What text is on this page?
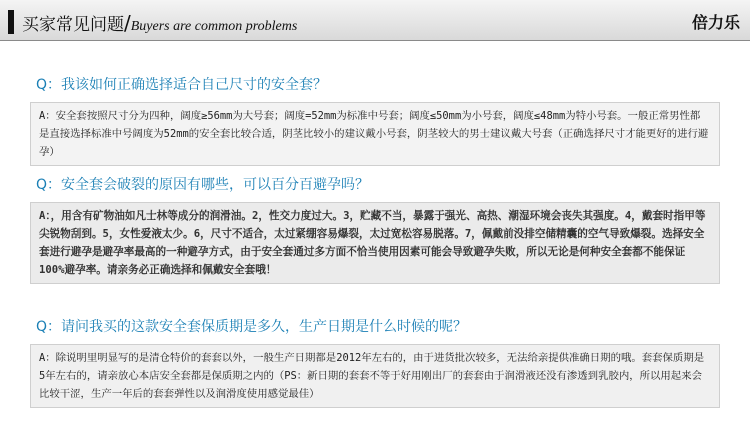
买家常见问题/Buyers are common problems	倍力乐
Q：我该如何正确选择适合自己尺寸的安全套？
A：安全套按照尺寸分为四种，阔度≥56mm为大号套；阔度=52mm为标准中号套；阔度≤50mm为小号套，阔度≤48mm为特小号套。一般正常男性都是直接选择标准中号阔度为52mm的安全套比较合适，阴茎比较小的建议戴小号套，阴茎较大的男士建议戴大号套（正确选择尺寸才能更好的进行避孕）
Q：安全套会破裂的原因有哪些，可以百分百避孕吗？
A：，用含有矿物油如凡士林等成分的润滑油。2，性交力度过大。3，贮藏不当，暴露于强光、高热、潮湿环境会丧失其强度。4，戴套时指甲等尖锐物刮到。5，女性爱液太少。6，尺寸不适合，太过紧绷容易爆裂，太过宽松容易脱落。7，佩戴前没排空储精囊的空气导致爆裂。选择安全套进行避孕是避孕率最高的一种避孕方式，由于安全套通过多方面不恰当使用因素可能会导致避孕失败，所以无论是何种安全套都不能保证100%避孕率。请亲务必正确选择和佩戴安全套哦！
Q：请问我买的这款安全套保质期是多久，生产日期是什么时候的呢？
A：除说明里明显写的是清仓特价的套套以外，一般生产日期都是2012年左右的，由于进货批次较多，无法给亲提供准确日期的哦。套套保质期是5年左右的，请亲放心本店安全套都是保质期之内的（PS：新日期的套套不等于好用刚出厂的套套由于润滑液还没有渗透到乳胶内，所以用起来会比较干涩，生产一年后的套套弹性以及润滑度使用感觉最佳）
